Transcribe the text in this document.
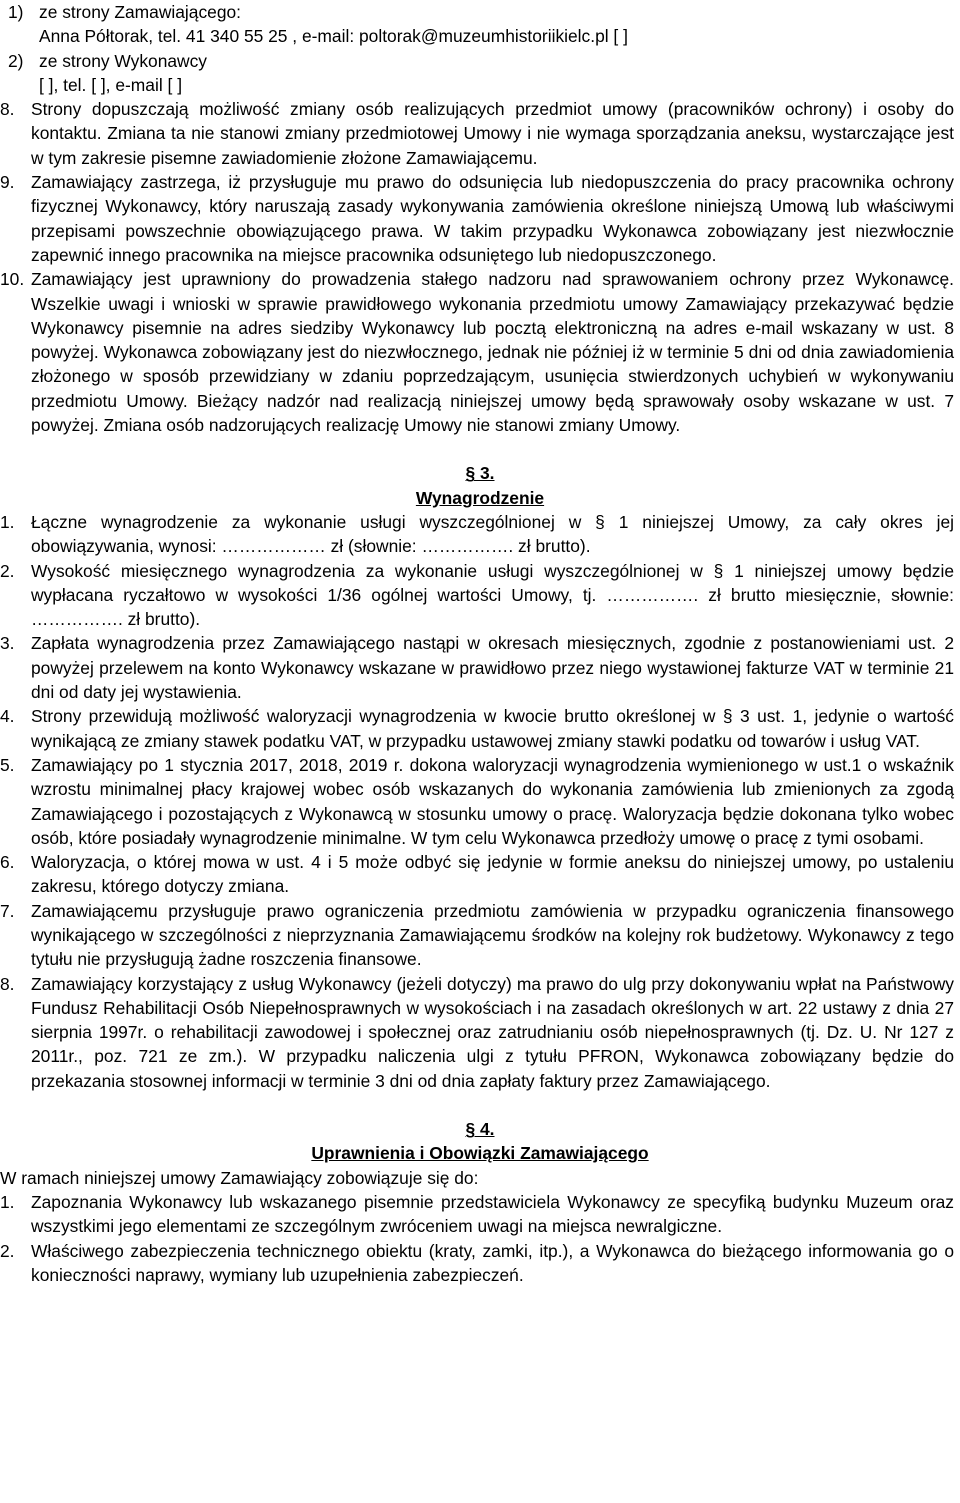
1) ze strony Zamawiającego:
Anna Półtorak, tel. 41 340 55 25 , e-mail: poltorak@muzeumhistoriikielc.pl [ ]
2) ze strony Wykonawcy
[ ], tel. [ ], e-mail [ ]
8. Strony dopuszczają możliwość zmiany osób realizujących przedmiot umowy (pracowników ochrony) i osoby do kontaktu. Zmiana ta nie stanowi zmiany przedmiotowej Umowy i nie wymaga sporządzania aneksu, wystarczające jest w tym zakresie pisemne zawiadomienie złożone Zamawiającemu.
9. Zamawiający zastrzega, iż przysługuje mu prawo do odsunięcia lub niedopuszczenia do pracy pracownika ochrony fizycznej Wykonawcy, który naruszają zasady wykonywania zamówienia określone niniejszą Umową lub właściwymi przepisami powszechnie obowiązującego prawa. W takim przypadku Wykonawca zobowiązany jest niezwłocznie zapewnić innego pracownika na miejsce pracownika odsuniętego lub niedopuszczonego.
10. Zamawiający jest uprawniony do prowadzenia stałego nadzoru nad sprawowaniem ochrony przez Wykonawcę. Wszelkie uwagi i wnioski w sprawie prawidłowego wykonania przedmiotu umowy Zamawiający przekazywać będzie Wykonawcy pisemnie na adres siedziby Wykonawcy lub pocztą elektroniczną na adres e-mail wskazany w ust. 8 powyżej. Wykonawca zobowiązany jest do niezwłocznego, jednak nie później iż w terminie 5 dni od dnia zawiadomienia złożonego w sposób przewidziany w zdaniu poprzedzającym, usunięcia stwierdzonych uchybień w wykonywaniu przedmiotu Umowy. Bieżący nadzór nad realizacją niniejszej umowy będą sprawowały osoby wskazane w ust. 7 powyżej. Zmiana osób nadzorujących realizację Umowy nie stanowi zmiany Umowy.
§ 3.
Wynagrodzenie
1. Łączne wynagrodzenie za wykonanie usługi wyszczególnionej w § 1 niniejszej Umowy, za cały okres jej obowiązywania, wynosi: ……………… zł (słownie: ……………. zł brutto).
2. Wysokość miesięcznego wynagrodzenia za wykonanie usługi wyszczególnionej w § 1 niniejszej umowy będzie wypłacana ryczałtowo w wysokości 1/36 ogólnej wartości Umowy, tj. ……………. zł brutto miesięcznie, słownie: ……………. zł brutto).
3. Zapłata wynagrodzenia przez Zamawiającego nastąpi w okresach miesięcznych, zgodnie z postanowieniami ust. 2 powyżej przelewem na konto Wykonawcy wskazane w prawidłowo przez niego wystawionej fakturze VAT w terminie 21 dni od daty jej wystawienia.
4. Strony przewidują możliwość waloryzacji wynagrodzenia w kwocie brutto określonej w § 3 ust. 1, jedynie o wartość wynikającą ze zmiany stawek podatku VAT, w przypadku ustawowej zmiany stawki podatku od towarów i usług VAT.
5. Zamawiający po 1 stycznia 2017, 2018, 2019 r. dokona waloryzacji wynagrodzenia wymienionego w ust.1 o wskaźnik wzrostu minimalnej płacy krajowej wobec osób wskazanych do wykonania zamówienia lub zmienionych za zgodą Zamawiającego i pozostających z Wykonawcą w stosunku umowy o pracę. Waloryzacja będzie dokonana tylko wobec osób, które posiadały wynagrodzenie minimalne. W tym celu Wykonawca przedłoży umowę o pracę z tymi osobami.
6. Waloryzacja, o której mowa w ust. 4 i 5 może odbyć się jedynie w formie aneksu do niniejszej umowy, po ustaleniu zakresu, którego dotyczy zmiana.
7. Zamawiającemu przysługuje prawo ograniczenia przedmiotu zamówienia w przypadku ograniczenia finansowego wynikającego w szczególności z nieprzyznania Zamawiającemu środków na kolejny rok budżetowy. Wykonawcy z tego tytułu nie przysługują żadne roszczenia finansowe.
8. Zamawiający korzystający z usług Wykonawcy (jeżeli dotyczy) ma prawo do ulg przy dokonywaniu wpłat na Państwowy Fundusz Rehabilitacji Osób Niepełnosprawnych w wysokościach i na zasadach określonych w art. 22 ustawy z dnia 27 sierpnia 1997r. o rehabilitacji zawodowej i społecznej oraz zatrudnianiu osób niepełnosprawnych (tj. Dz. U. Nr 127 z 2011r., poz. 721 ze zm.). W przypadku naliczenia ulgi z tytułu PFRON, Wykonawca zobowiązany będzie do przekazania stosownej informacji w terminie 3 dni od dnia zapłaty faktury przez Zamawiającego.
§ 4.
Uprawnienia i Obowiązki Zamawiającego
W ramach niniejszej umowy Zamawiający zobowiązuje się do:
1. Zapoznania Wykonawcy lub wskazanego pisemnie przedstawiciela Wykonawcy ze specyfiką budynku Muzeum oraz wszystkimi jego elementami ze szczególnym zwróceniem uwagi na miejsca newralgiczne.
2. Właściwego zabezpieczenia technicznego obiektu (kraty, zamki, itp.), a Wykonawca do bieżącego informowania go o konieczności naprawy, wymiany lub uzupełnienia zabezpieczeń.
